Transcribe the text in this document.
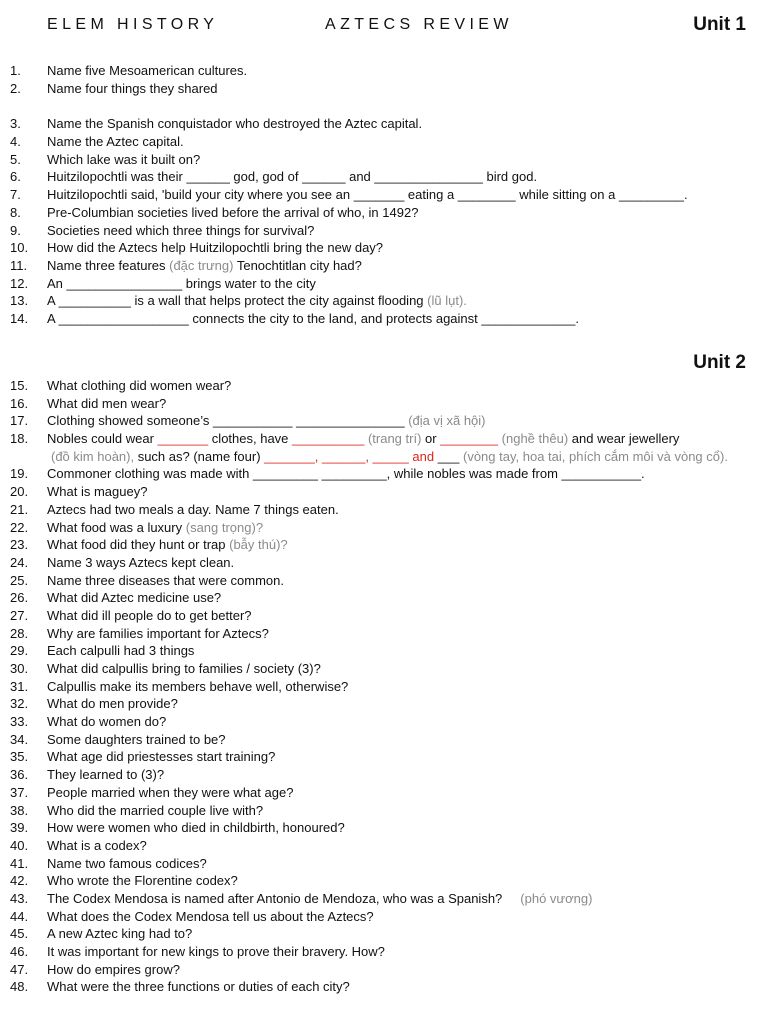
ELEM HISTORY	AZTECS REVIEW	Unit 1
1.	Name five Mesoamerican cultures.
2.	Name four things they shared
3.	Name the Spanish conquistador who destroyed the Aztec capital.
4.	Name the Aztec capital.
5.	Which lake was it built on?
6.	Huitzilopochtli was their ______ god, god of ______ and _______________ bird god.
7.	Huitzilopochtli said, 'build your city where you see an _______ eating a ________ while sitting on a _________.
8.	Pre-Columbian societies lived before the arrival of who, in 1492?
9.	Societies need which three things for survival?
10.	How did the Aztecs help Huitzilopochtli bring the new day?
11.	Name three features (đặc trưng) Tenochtitlan city had?
12.	An ________________ brings water to the city
13.	A __________ is a wall that helps protect the city against flooding (lũ lụt).
14.	A __________________ connects the city to the land, and protects against _____________.
Unit 2
15.	What clothing did women wear?
16.	What did men wear?
17.	Clothing showed someone’s ___________ _______________ (địa vị xã hội)
18.	Nobles could wear _______ clothes, have __________ (trang trí) or ________ (nghề thêu) and wear jewellery
(đồ kim hoàn), such as? (name four) _______, ______, _____ and ___ (vòng tay, hoa tai, phích cắm môi và vòng cổ).
19.	Commoner clothing was made with _________ _________, while nobles was made from ___________.
20.	What is maguey?
21.	Aztecs had two meals a day. Name 7 things eaten.
22.	What food was a luxury (sang trọng)?
23.	What food did they hunt or trap (bẫy thú)?
24.	Name 3 ways Aztecs kept clean.
25.	Name three diseases that were common.
26.	What did Aztec medicine use?
27.	What did ill people do to get better?
28.	Why are families important for Aztecs?
29.	Each calpulli had 3 things
30.	What did calpullis bring to families / society (3)?
31.	Calpullis make its members behave well, otherwise?
32.	What do men provide?
33.	What do women do?
34.	Some daughters trained to be?
35.	What age did priestesses start training?
36.	They learned to (3)?
37.	People married when they were what age?
38.	Who did the married couple live with?
39.	How were women who died in childbirth, honoured?
40.	What is a codex?
41.	Name two famous codices?
42.	Who wrote the Florentine codex?
43.	The Codex Mendosa is named after Antonio de Mendoza, who was a Spanish? (phó vương)
44.	What does the Codex Mendosa tell us about the Aztecs?
45.	A new Aztec king had to?
46.	It was important for new kings to prove their bravery. How?
47.	How do empires grow?
48.	What were the three functions or duties of each city?
